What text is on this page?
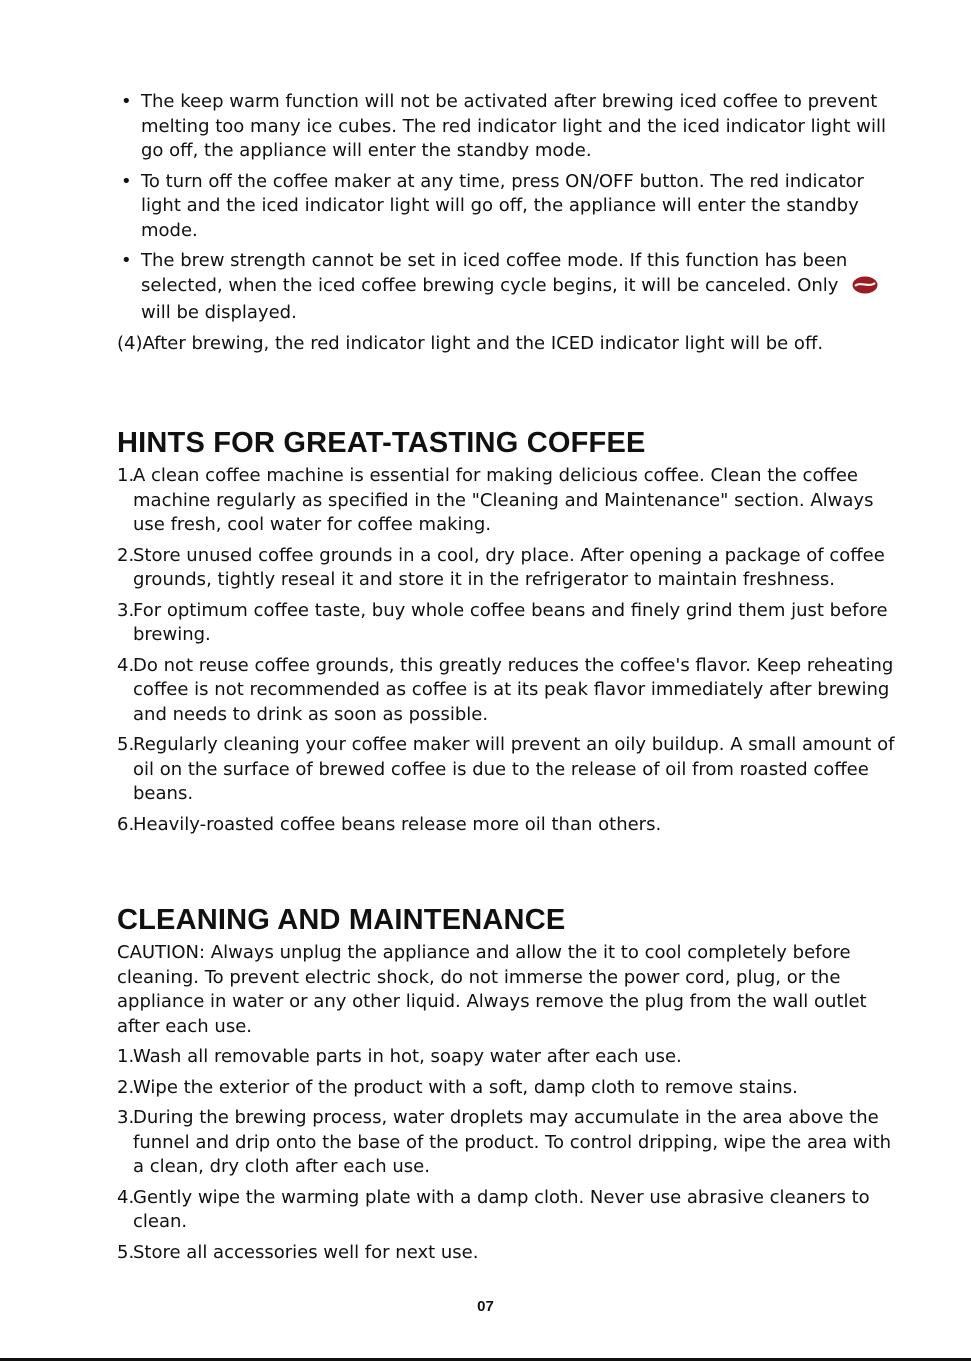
• The keep warm function will not be activated after brewing iced coffee to prevent melting too many ice cubes. The red indicator light and the iced indicator light will go off, the appliance will enter the standby mode.
• To turn off the coffee maker at any time, press ON/OFF button. The red indicator light and the iced indicator light will go off, the appliance will enter the standby mode.
• The brew strength cannot be set in iced coffee mode. If this function has been selected, when the iced coffee brewing cycle begins, it will be canceled. Onlywill be displayed.
(4)After brewing, the red indicator light and the ICED indicator light will be off.
HINTS FOR GREAT-TASTING COFFEE
1.
A clean coffee machine is essential for making delicious coffee. Clean the coffee machine regularly as specified in the "Cleaning and Maintenance" section. Always use fresh, cool water for coffee making.
2.
Store unused coffee grounds in a cool, dry place. After opening a package of coffee grounds, tightly reseal it and store it in the refrigerator to maintain freshness.
3.
For optimum coffee taste, buy whole coffee beans and finely grind them just before brewing.
4.
Do not reuse coffee grounds, this greatly reduces the coffee's flavor. Keep reheating coffee is not recommended as coffee is at its peak flavor immediately after brewing and needs to drink as soon as possible.
5.
Regularly cleaning your coffee maker will prevent an oily buildup. A small amount of oil on the surface of brewed coffee is due to the release of oil from roasted coffee beans.
6.
Heavily-roasted coffee beans release more oil than others.
CLEANING AND MAINTENANCE
CAUTION: Always unplug the appliance and allow the it to cool completely before cleaning. To prevent electric shock, do not immerse the power cord, plug, or the appliance in water or any other liquid. Always remove the plug from the wall outlet after each use.
1.
Wash all removable parts in hot, soapy water after each use.
2.
Wipe the exterior of the product with a soft, damp cloth to remove stains.
3.
During the brewing process, water droplets may accumulate in the area above the funnel and drip onto the base of the product. To control dripping, wipe the area with a clean, dry cloth after each use.
4.
Gently wipe the warming plate with a damp cloth. Never use abrasive cleaners to clean.
5.
Store all accessories well for next use.
07
